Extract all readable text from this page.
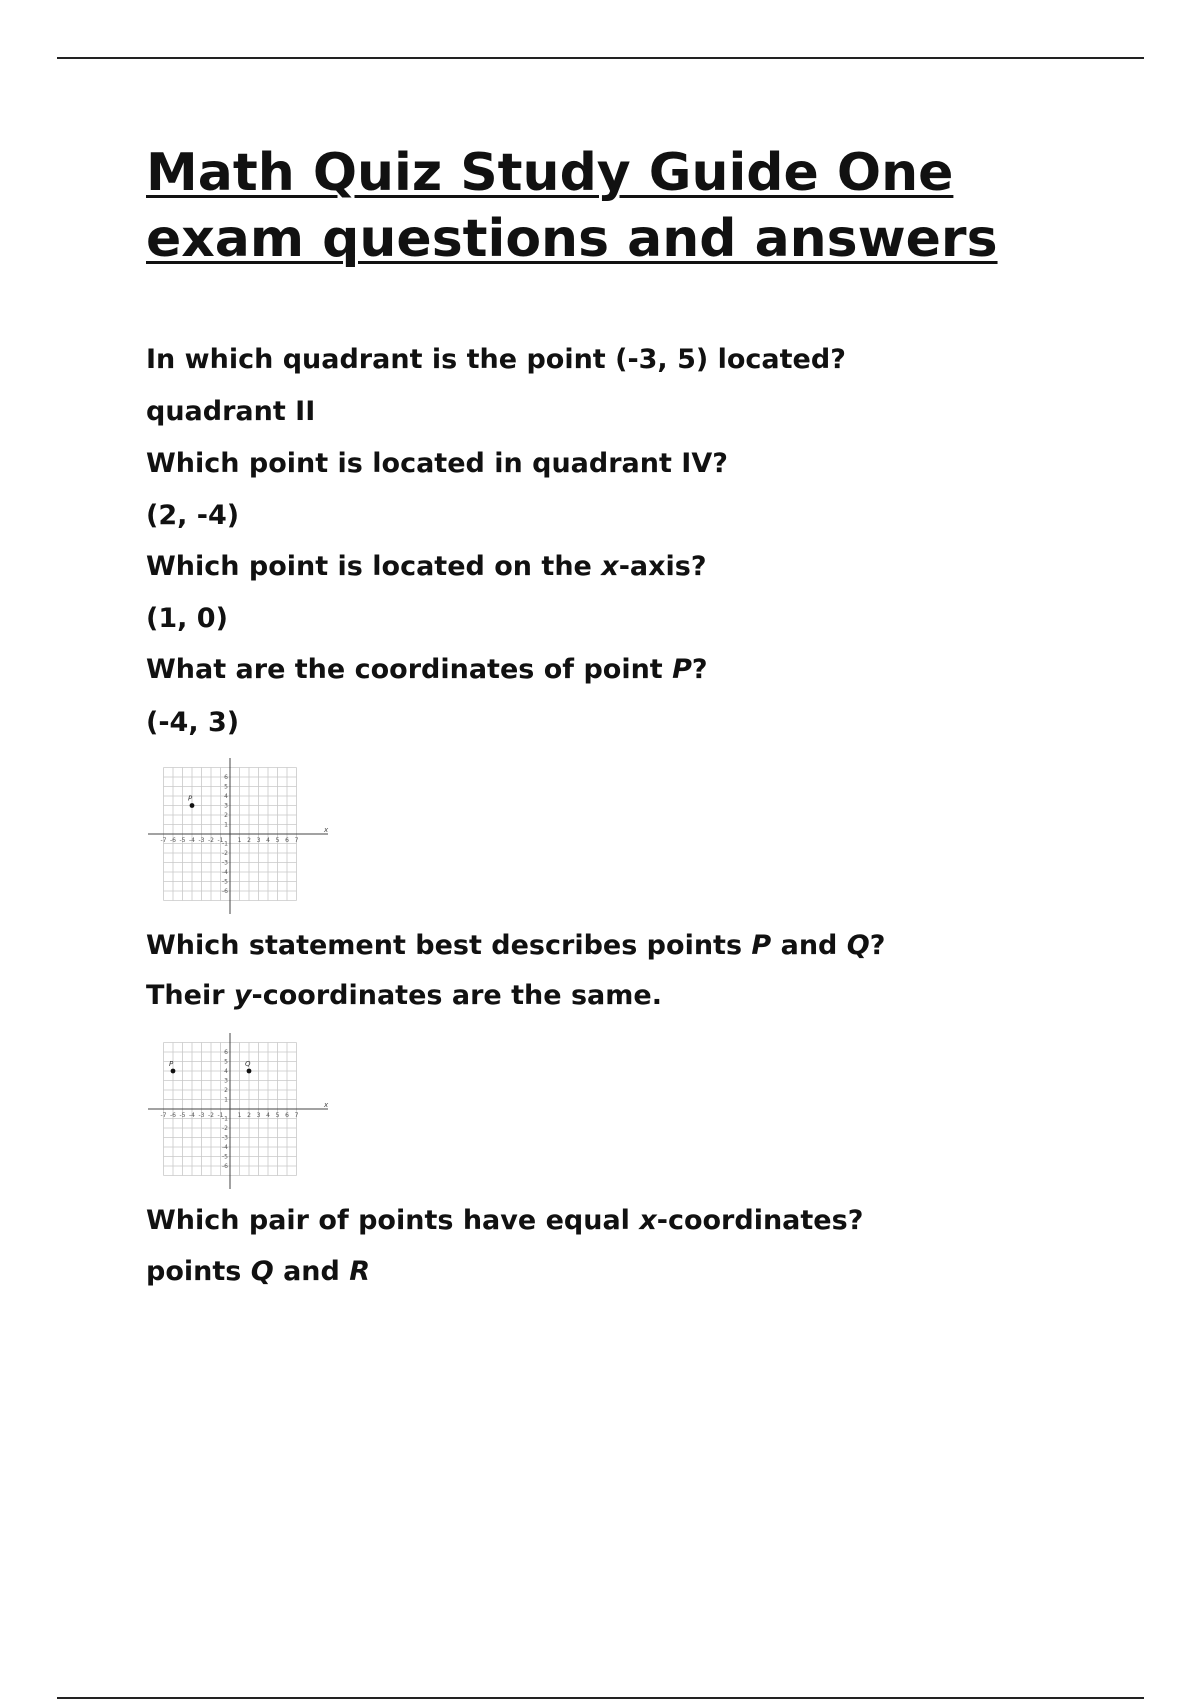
Math Quiz Study Guide One
exam questions and answers

In which quadrant is the point (-3, 5) located?

quadrant II

Which point is located in quadrant IV?

(2, -4)

Which point is located on the x-axis?

(1, 0)

What are the coordinates of point P?

(-4, 3)

x
-7 -6 -5 -4 -3 -2 -1 1 2 3 4 5 6 7
6
5
4
3
2
1
-1
-2
-3
-4
-5
-6
P

Which statement best describes points P and Q?

Their y-coordinates are the same.

x
-7 -6 -5 -4 -3 -2 -1 1 2 3 4 5 6 7
6
5
4
3
2
1
-1
-2
-3
-4
-5
-6
P	Q

Which pair of points have equal x-coordinates?

points Q and R
